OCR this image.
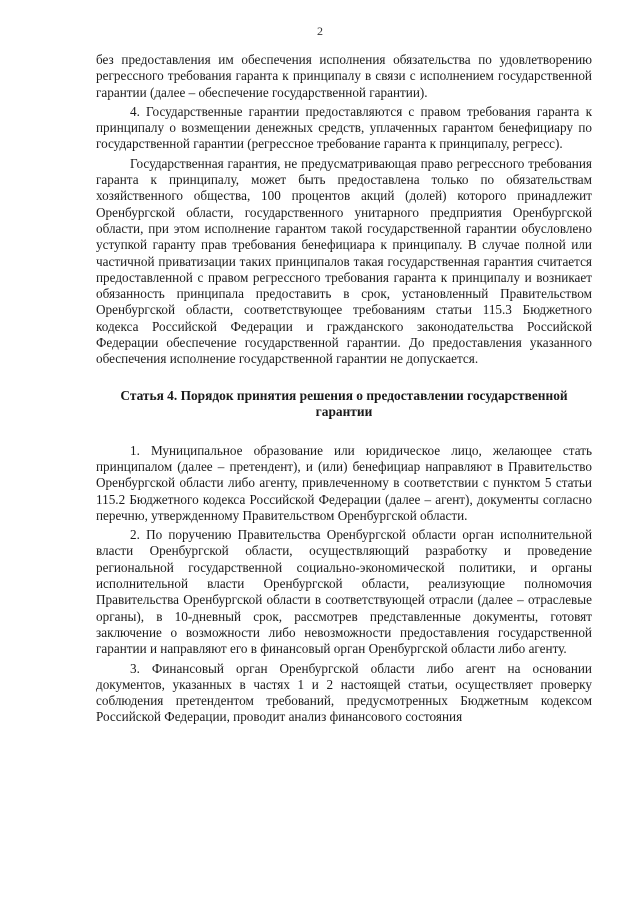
2

без предоставления им обеспечения исполнения обязательства по удовлетворению регрессного требования гаранта к принципалу в связи с исполнением государственной гарантии (далее – обеспечение государственной гарантии).

4. Государственные гарантии предоставляются с правом требования гаранта к принципалу о возмещении денежных средств, уплаченных гарантом бенефициару по государственной гарантии (регрессное требование гаранта к принципалу, регресс).

Государственная гарантия, не предусматривающая право регрессного требования гаранта к принципалу, может быть предоставлена только по обязательствам хозяйственного общества, 100 процентов акций (долей) которого принадлежит Оренбургской области, государственного унитарного предприятия Оренбургской области, при этом исполнение гарантом такой государственной гарантии обусловлено уступкой гаранту прав требования бенефициара к принципалу. В случае полной или частичной приватизации таких принципалов такая государственная гарантия считается предоставленной с правом регрессного требования гаранта к принципалу и возникает обязанность принципала предоставить в срок, установленный Правительством Оренбургской области, соответствующее требованиям статьи 115.3 Бюджетного кодекса Российской Федерации и гражданского законодательства Российской Федерации обеспечение государственной гарантии. До предоставления указанного обеспечения исполнение государственной гарантии не допускается.

Статья 4. Порядок принятия решения о предоставлении государственной гарантии

1. Муниципальное образование или юридическое лицо, желающее стать принципалом (далее – претендент), и (или) бенефициар направляют в Правительство Оренбургской области либо агенту, привлеченному в соответствии с пунктом 5 статьи 115.2 Бюджетного кодекса Российской Федерации (далее – агент), документы согласно перечню, утвержденному Правительством Оренбургской области.

2. По поручению Правительства Оренбургской области орган исполнительной власти Оренбургской области, осуществляющий разработку и проведение региональной государственной социально-экономической политики, и органы исполнительной власти Оренбургской области, реализующие полномочия Правительства Оренбургской области в соответствующей отрасли (далее – отраслевые органы), в 10-дневный срок, рассмотрев представленные документы, готовят заключение о возможности либо невозможности предоставления государственной гарантии и направляют его в финансовый орган Оренбургской области либо агенту.

3. Финансовый орган Оренбургской области либо агент на основании документов, указанных в частях 1 и 2 настоящей статьи, осуществляет проверку соблюдения претендентом требований, предусмотренных Бюджетным кодексом Российской Федерации, проводит анализ финансового состояния
